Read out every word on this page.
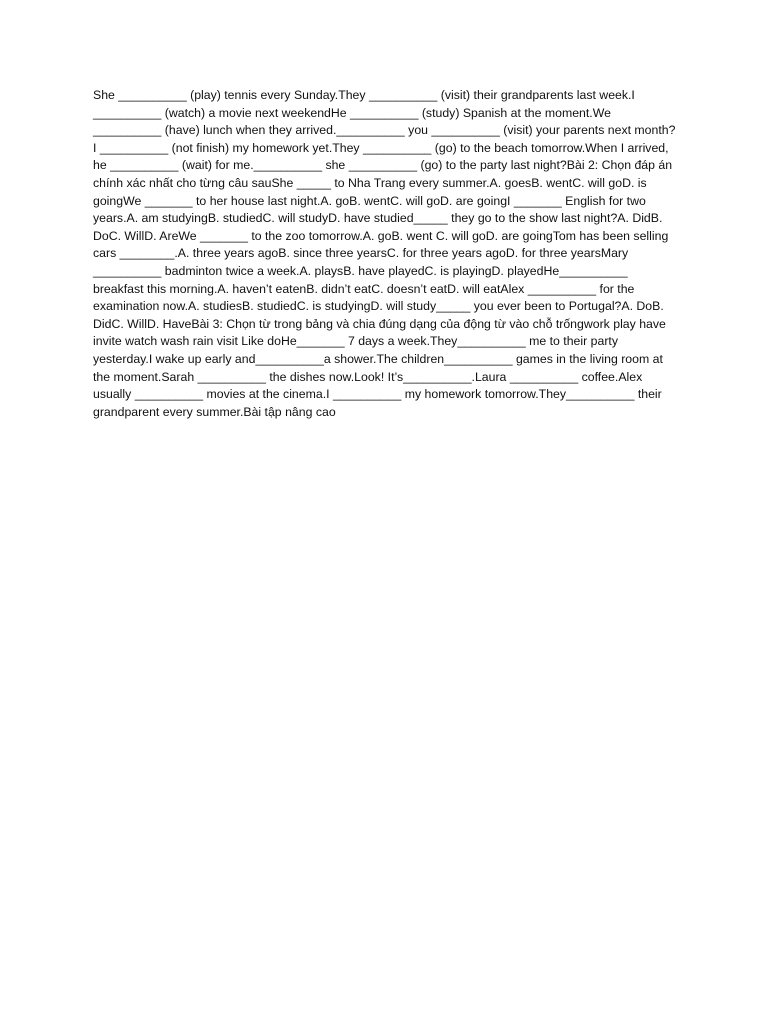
She __________ (play) tennis every Sunday.They __________ (visit) their grandparents last week.I __________ (watch) a movie next weekendHe __________ (study) Spanish at the moment.We __________ (have) lunch when they arrived.__________ you __________ (visit) your parents next month?I __________ (not finish) my homework yet.They __________ (go) to the beach tomorrow.When I arrived, he __________ (wait) for me.__________ she __________ (go) to the party last night?Bài 2: Chọn đáp án chính xác nhất cho từng câu sauShe _____ to Nha Trang every summer.A. goesB. wentC. will goD. is goingWe _______ to her house last night.A. goB. wentC. will goD. are goingI _______ English for two years.A. am studyingB. studiedC. will studyD. have studied_____ they go to the show last night?A. DidB. DoC. WillD. AreWe _______ to the zoo tomorrow.A. goB. went C. will goD. are goingTom has been selling cars ________.A. three years agoB. since three yearsC. for three years agoD. for three yearsMary __________ badminton twice a week.A. playsB. have playedC. is playingD. playedHe__________ breakfast this morning.A. haven’t eatenB. didn’t eatC. doesn’t eatD. will eatAlex __________ for the examination now.A. studiesB. studiedC. is studyingD. will study_____ you ever been to Portugal?A. DoB. DidC. WillD. HaveBài 3: Chọn từ trong bảng và chia đúng dạng của động từ vào chỗ trốngwork play have invite watch wash rain visit Like doHe_______ 7 days a week.They__________ me to their party yesterday.I wake up early and__________a shower.The children__________ games in the living room at the moment.Sarah __________ the dishes now.Look! It’s__________.Laura __________ coffee.Alex usually __________ movies at the cinema.I __________ my homework tomorrow.They__________ their grandparent every summer.Bài tập nâng cao
